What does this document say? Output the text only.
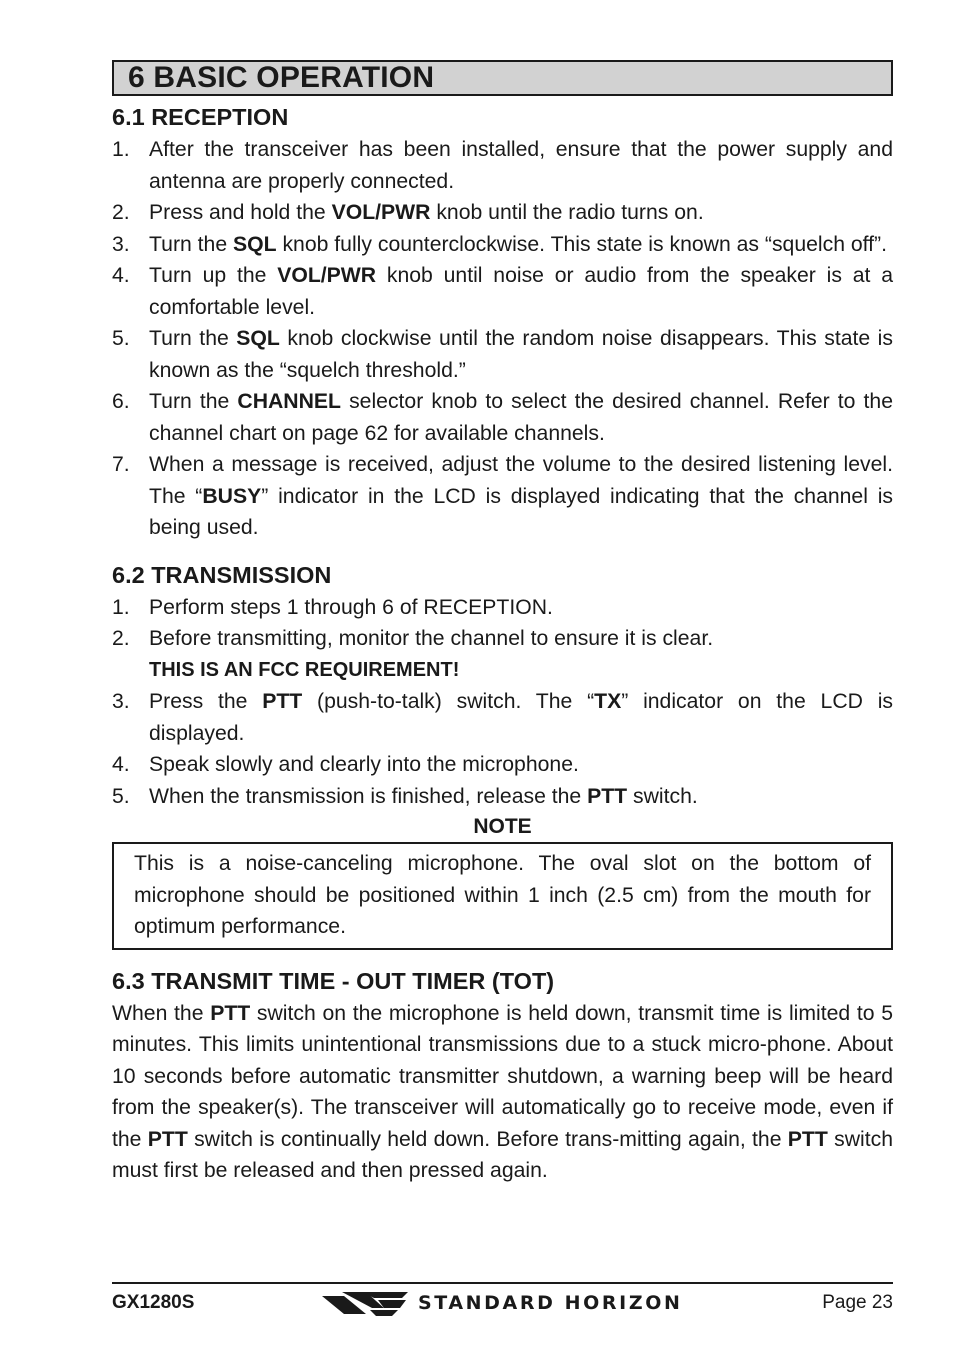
6 BASIC OPERATION
6.1 RECEPTION
1. After the transceiver has been installed, ensure that the power supply and antenna are properly connected.
2. Press and hold the VOL/PWR knob until the radio turns on.
3. Turn the SQL knob fully counterclockwise. This state is known as “squelch off”.
4. Turn up the VOL/PWR knob until noise or audio from the speaker is at a comfortable level.
5. Turn the SQL knob clockwise until the random noise disappears. This state is known as the “squelch threshold.”
6. Turn the CHANNEL selector knob to select the desired channel. Refer to the channel chart on page 62 for available channels.
7. When a message is received, adjust the volume to the desired listening level. The “BUSY” indicator in the LCD is displayed indicating that the channel is being used.
6.2 TRANSMISSION
1. Perform steps 1 through 6 of RECEPTION.
2. Before transmitting, monitor the channel to ensure it is clear.
THIS IS AN FCC REQUIREMENT!
3. Press the PTT (push-to-talk) switch. The “TX” indicator on the LCD is displayed.
4. Speak slowly and clearly into the microphone.
5. When the transmission is finished, release the PTT switch.
NOTE
This is a noise-canceling microphone. The oval slot on the bottom of microphone should be positioned within 1 inch (2.5 cm) from the mouth for optimum performance.
6.3 TRANSMIT TIME - OUT TIMER (TOT)
When the PTT switch on the microphone is held down, transmit time is limited to 5 minutes. This limits unintentional transmissions due to a stuck micro-phone. About 10 seconds before automatic transmitter shutdown, a warning beep will be heard from the speaker(s). The transceiver will automatically go to receive mode, even if the PTT switch is continually held down. Before trans-mitting again, the PTT switch must first be released and then pressed again.
GX1280S	STANDARD HORIZON	Page 23
